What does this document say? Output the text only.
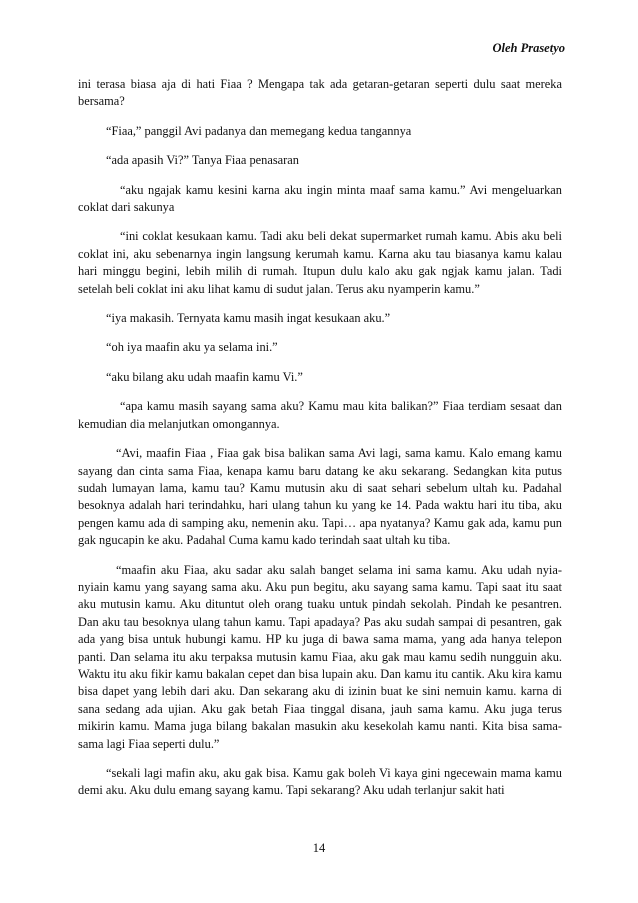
Oleh Prasetyo

ini terasa biasa aja di hati Fiaa ? Mengapa tak ada getaran-getaran seperti dulu saat mereka bersama?

“Fiaa,” panggil Avi padanya dan memegang kedua tangannya

“ada apasih Vi?” Tanya Fiaa penasaran

“aku ngajak kamu kesini karna aku ingin minta maaf sama kamu.” Avi mengeluarkan coklat dari sakunya

“ini coklat kesukaan kamu. Tadi aku beli dekat supermarket rumah kamu. Abis aku beli coklat ini, aku sebenarnya ingin langsung kerumah kamu. Karna aku tau biasanya kamu kalau hari minggu begini, lebih milih di rumah. Itupun dulu kalo aku gak ngjak kamu jalan. Tadi setelah beli coklat ini aku lihat kamu di sudut jalan. Terus aku nyamperin kamu.”

“iya makasih. Ternyata kamu masih ingat kesukaan aku.”

“oh iya maafin aku ya selama ini.”

“aku bilang aku udah maafin kamu Vi.”

“apa kamu masih sayang sama aku? Kamu mau kita balikan?” Fiaa terdiam sesaat dan kemudian dia melanjutkan omongannya.

“Avi, maafin Fiaa , Fiaa gak bisa balikan sama Avi lagi, sama kamu. Kalo emang kamu sayang dan cinta sama Fiaa, kenapa kamu baru datang ke aku sekarang. Sedangkan kita putus sudah lumayan lama, kamu tau? Kamu mutusin aku di saat sehari sebelum ultah ku. Padahal besoknya adalah hari terindahku, hari ulang tahun ku yang ke 14. Pada waktu hari itu tiba, aku pengen kamu ada di samping aku, nemenin aku. Tapi… apa nyatanya? Kamu gak ada, kamu pun gak ngucapin ke aku. Padahal Cuma kamu kado terindah saat ultah ku tiba.

“maafin aku Fiaa, aku sadar aku salah banget selama ini sama kamu. Aku udah nyia-nyiain kamu yang sayang sama aku. Aku pun begitu, aku sayang sama kamu. Tapi saat itu saat aku mutusin kamu. Aku dituntut oleh orang tuaku untuk pindah sekolah. Pindah ke pesantren. Dan aku tau besoknya ulang tahun kamu. Tapi apadaya? Pas aku sudah sampai di pesantren, gak ada yang bisa untuk hubungi kamu. HP ku juga di bawa sama mama, yang ada hanya telepon panti. Dan selama itu aku terpaksa mutusin kamu Fiaa, aku gak mau kamu sedih nungguin aku. Waktu itu aku fikir kamu bakalan cepet dan bisa lupain aku. Dan kamu itu cantik. Aku kira kamu bisa dapet yang lebih dari aku. Dan sekarang aku di izinin buat ke sini nemuin kamu. karna di sana sedang ada ujian. Aku gak betah Fiaa tinggal disana, jauh sama kamu. Aku juga terus mikirin kamu. Mama juga bilang bakalan masukin aku kesekolah kamu nanti. Kita bisa sama-sama lagi Fiaa seperti dulu.”

“sekali lagi mafin aku, aku gak bisa. Kamu gak boleh Vi kaya gini ngecewain mama kamu demi aku. Aku dulu emang sayang kamu. Tapi sekarang? Aku udah terlanjur sakit hati

14
